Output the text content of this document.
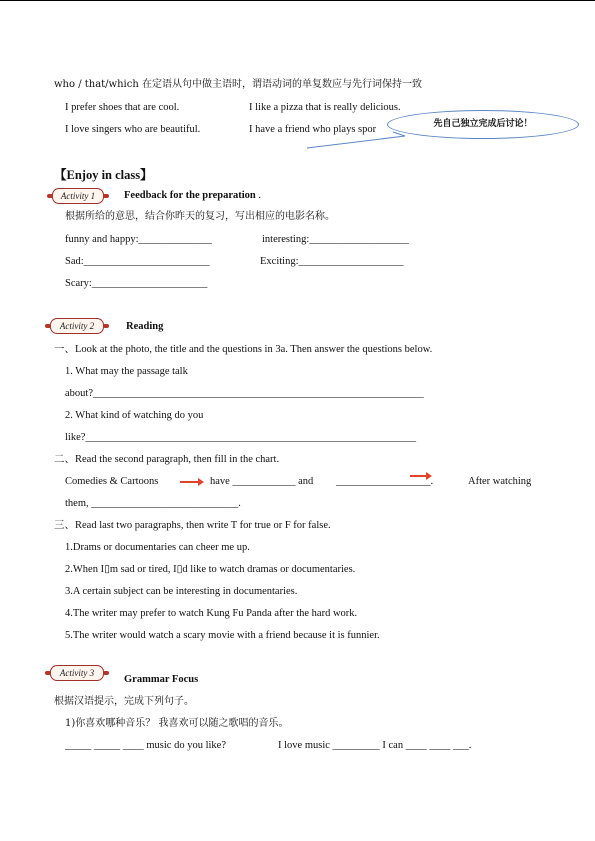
who / that/which 在定语从句中做主语时，谓语动词的单复数应与先行词保持一致
I prefer shoes that are cool.	I like a pizza that is really delicious.
I love singers who are beautiful.	I have a friend who plays spor	先自己独立完成后讨论！
【Enjoy in class】
Activity 1	Feedback for the preparation .
根据所给的意思，结合你昨天的复习，写出相应的电影名称。
funny and happy:______________	interesting:___________________
Sad:________________________	Exciting:____________________
Scary:______________________
Activity 2	Reading
一、Look at the photo, the title and the questions in 3a. Then answer the questions below.
1. What may the passage talk
about?_______________________________________________________________
2. What kind of watching do you
like?_______________________________________________________________
二、Read the second paragraph, then fill in the chart.
Comedies & Cartoons	have ____________ and __________________.	After watching
them, ____________________________.
三、Read last two paragraphs, then write T for true or F for false.
1.Drams or documentaries can cheer me up.
2.When I▯m sad or tired, I▯d like to watch dramas or documentaries.
3.A certain subject can be interesting in documentaries.
4.The writer may prefer to watch Kung Fu Panda after the hard work.
5.The writer would watch a scary movie with a friend because it is funnier.
Activity 3
Grammar Focus
根据汉语提示，完成下列句子。
1)你喜欢哪种音乐？ 我喜欢可以随之歌唱的音乐。
_____ _____ ____ music do you like?	I love music _________ I can ____ ____ ___.
